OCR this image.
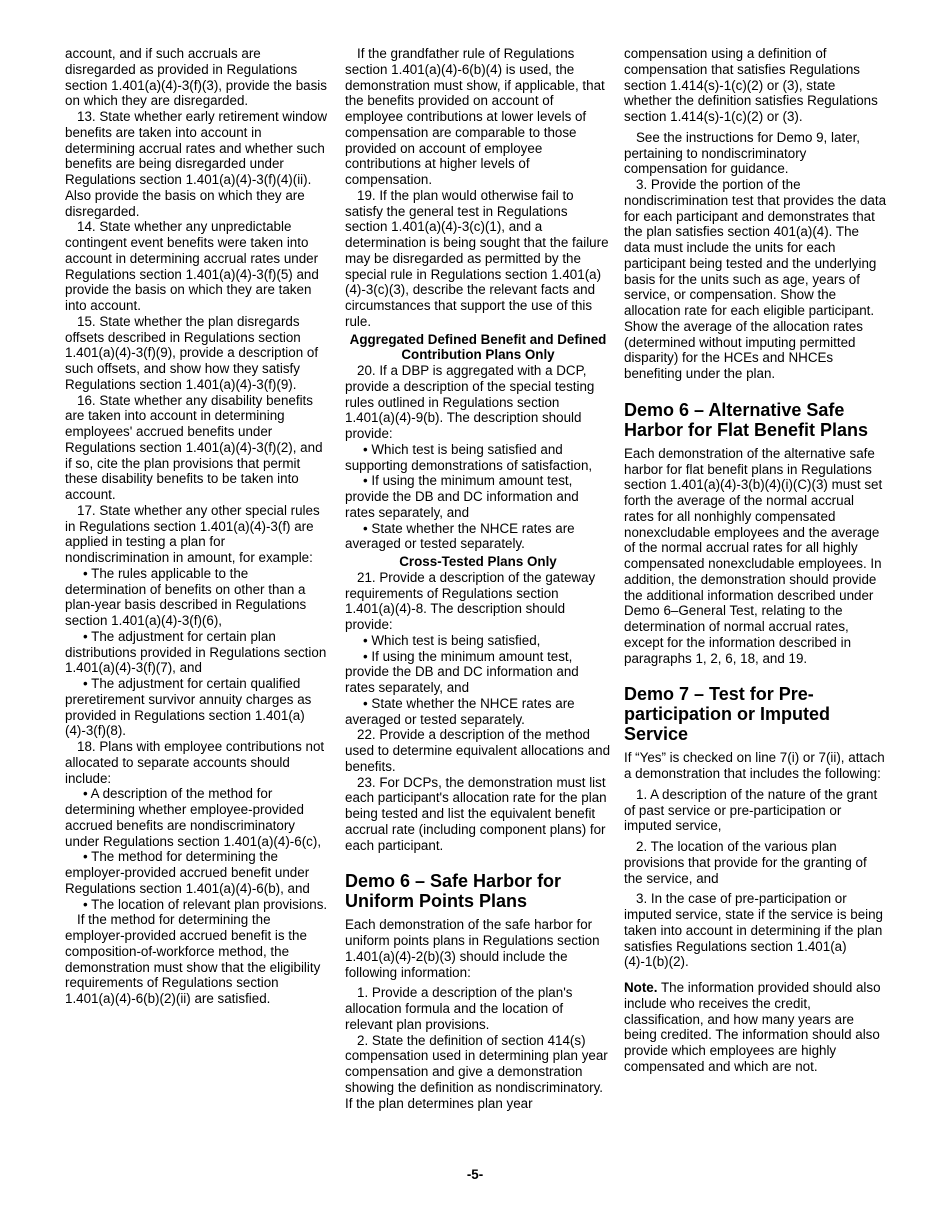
account, and if such accruals are disregarded as provided in Regulations section 1.401(a)(4)-3(f)(3), provide the basis on which they are disregarded.

13. State whether early retirement window benefits are taken into account in determining accrual rates and whether such benefits are being disregarded under Regulations section 1.401(a)(4)-3(f)(4)(ii). Also provide the basis on which they are disregarded.

14. State whether any unpredictable contingent event benefits were taken into account in determining accrual rates under Regulations section 1.401(a)(4)-3(f)(5) and provide the basis on which they are taken into account.

15. State whether the plan disregards offsets described in Regulations section 1.401(a)(4)-3(f)(9), provide a description of such offsets, and show how they satisfy Regulations section 1.401(a)(4)-3(f)(9).

16. State whether any disability benefits are taken into account in determining employees' accrued benefits under Regulations section 1.401(a)(4)-3(f)(2), and if so, cite the plan provisions that permit these disability benefits to be taken into account.

17. State whether any other special rules in Regulations section 1.401(a)(4)-3(f) are applied in testing a plan for nondiscrimination in amount, for example:

• The rules applicable to the determination of benefits on other than a plan-year basis described in Regulations section 1.401(a)(4)-3(f)(6),

• The adjustment for certain plan distributions provided in Regulations section 1.401(a)(4)-3(f)(7), and

• The adjustment for certain qualified preretirement survivor annuity charges as provided in Regulations section 1.401(a)(4)-3(f)(8).

18. Plans with employee contributions not allocated to separate accounts should include:

• A description of the method for determining whether employee-provided accrued benefits are nondiscriminatory under Regulations section 1.401(a)(4)-6(c),

• The method for determining the employer-provided accrued benefit under Regulations section 1.401(a)(4)-6(b), and

• The location of relevant plan provisions.

If the method for determining the employer-provided accrued benefit is the composition-of-workforce method, the demonstration must show that the eligibility requirements of Regulations section 1.401(a)(4)-6(b)(2)(ii) are satisfied.

If the grandfather rule of Regulations section 1.401(a)(4)-6(b)(4) is used, the demonstration must show, if applicable, that the benefits provided on account of employee contributions at lower levels of compensation are comparable to those provided on account of employee contributions at higher levels of compensation.

19. If the plan would otherwise fail to satisfy the general test in Regulations section 1.401(a)(4)-3(c)(1), and a determination is being sought that the failure may be disregarded as permitted by the special rule in Regulations section 1.401(a)(4)-3(c)(3), describe the relevant facts and circumstances that support the use of this rule.

Aggregated Defined Benefit and Defined Contribution Plans Only

20. If a DBP is aggregated with a DCP, provide a description of the special testing rules outlined in Regulations section 1.401(a)(4)-9(b). The description should provide:

• Which test is being satisfied and supporting demonstrations of satisfaction,

• If using the minimum amount test, provide the DB and DC information and rates separately, and

• State whether the NHCE rates are averaged or tested separately.

Cross-Tested Plans Only

21. Provide a description of the gateway requirements of Regulations section 1.401(a)(4)-8. The description should provide:

• Which test is being satisfied,

• If using the minimum amount test, provide the DB and DC information and rates separately, and

• State whether the NHCE rates are averaged or tested separately.

22. Provide a description of the method used to determine equivalent allocations and benefits.

23. For DCPs, the demonstration must list each participant's allocation rate for the plan being tested and list the equivalent benefit accrual rate (including component plans) for each participant.

Demo 6 – Safe Harbor for Uniform Points Plans

Each demonstration of the safe harbor for uniform points plans in Regulations section 1.401(a)(4)-2(b)(3) should include the following information:

1. Provide a description of the plan's allocation formula and the location of relevant plan provisions.

2. State the definition of section 414(s) compensation used in determining plan year compensation and give a demonstration showing the definition as nondiscriminatory. If the plan determines plan year

compensation using a definition of compensation that satisfies Regulations section 1.414(s)-1(c)(2) or (3), state whether the definition satisfies Regulations section 1.414(s)-1(c)(2) or (3).

See the instructions for Demo 9, later, pertaining to nondiscriminatory compensation for guidance.

3. Provide the portion of the nondiscrimination test that provides the data for each participant and demonstrates that the plan satisfies section 401(a)(4). The data must include the units for each participant being tested and the underlying basis for the units such as age, years of service, or compensation. Show the allocation rate for each eligible participant. Show the average of the allocation rates (determined without imputing permitted disparity) for the HCEs and NHCEs benefiting under the plan.

Demo 6 – Alternative Safe Harbor for Flat Benefit Plans

Each demonstration of the alternative safe harbor for flat benefit plans in Regulations section 1.401(a)(4)-3(b)(4)(i)(C)(3) must set forth the average of the normal accrual rates for all nonhighly compensated nonexcludable employees and the average of the normal accrual rates for all highly compensated nonexcludable employees. In addition, the demonstration should provide the additional information described under Demo 6–General Test, relating to the determination of normal accrual rates, except for the information described in paragraphs 1, 2, 6, 18, and 19.

Demo 7 – Test for Pre-participation or Imputed Service

If “Yes” is checked on line 7(i) or 7(ii), attach a demonstration that includes the following:

1. A description of the nature of the grant of past service or pre-participation or imputed service,

2. The location of the various plan provisions that provide for the granting of the service, and

3. In the case of pre-participation or imputed service, state if the service is being taken into account in determining if the plan satisfies Regulations section 1.401(a)(4)-1(b)(2).

Note. The information provided should also include who receives the credit, classification, and how many years are being credited. The information should also provide which employees are highly compensated and which are not.

-5-
